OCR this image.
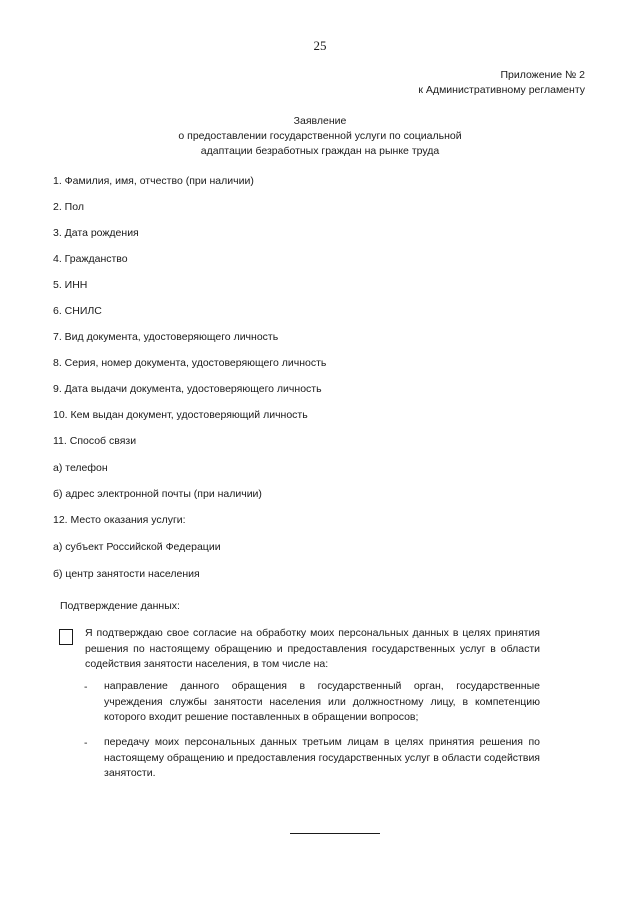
25
Приложение № 2
к Административному регламенту
Заявление
о предоставлении государственной услуги по социальной
адаптации безработных граждан на рынке труда
1. Фамилия, имя, отчество (при наличии)
2. Пол
3. Дата рождения
4. Гражданство
5. ИНН
6. СНИЛС
7. Вид документа, удостоверяющего личность
8. Серия, номер документа, удостоверяющего личность
9. Дата выдачи документа, удостоверяющего личность
10. Кем выдан документ, удостоверяющий личность
11. Способ связи
а) телефон
б) адрес электронной почты (при наличии)
12. Место оказания услуги:
а) субъект Российской Федерации
б) центр занятости населения
Подтверждение данных:
Я подтверждаю свое согласие на обработку моих персональных данных в целях принятия решения по настоящему обращению и предоставления государственных услуг в области содействия занятости населения, в том числе на:
- направление данного обращения в государственный орган, государственные учреждения службы занятости населения или должностному лицу, в компетенцию которого входит решение поставленных в обращении вопросов;
- передачу моих персональных данных третьим лицам в целях принятия решения по настоящему обращению и предоставления государственных услуг в области содействия занятости.
